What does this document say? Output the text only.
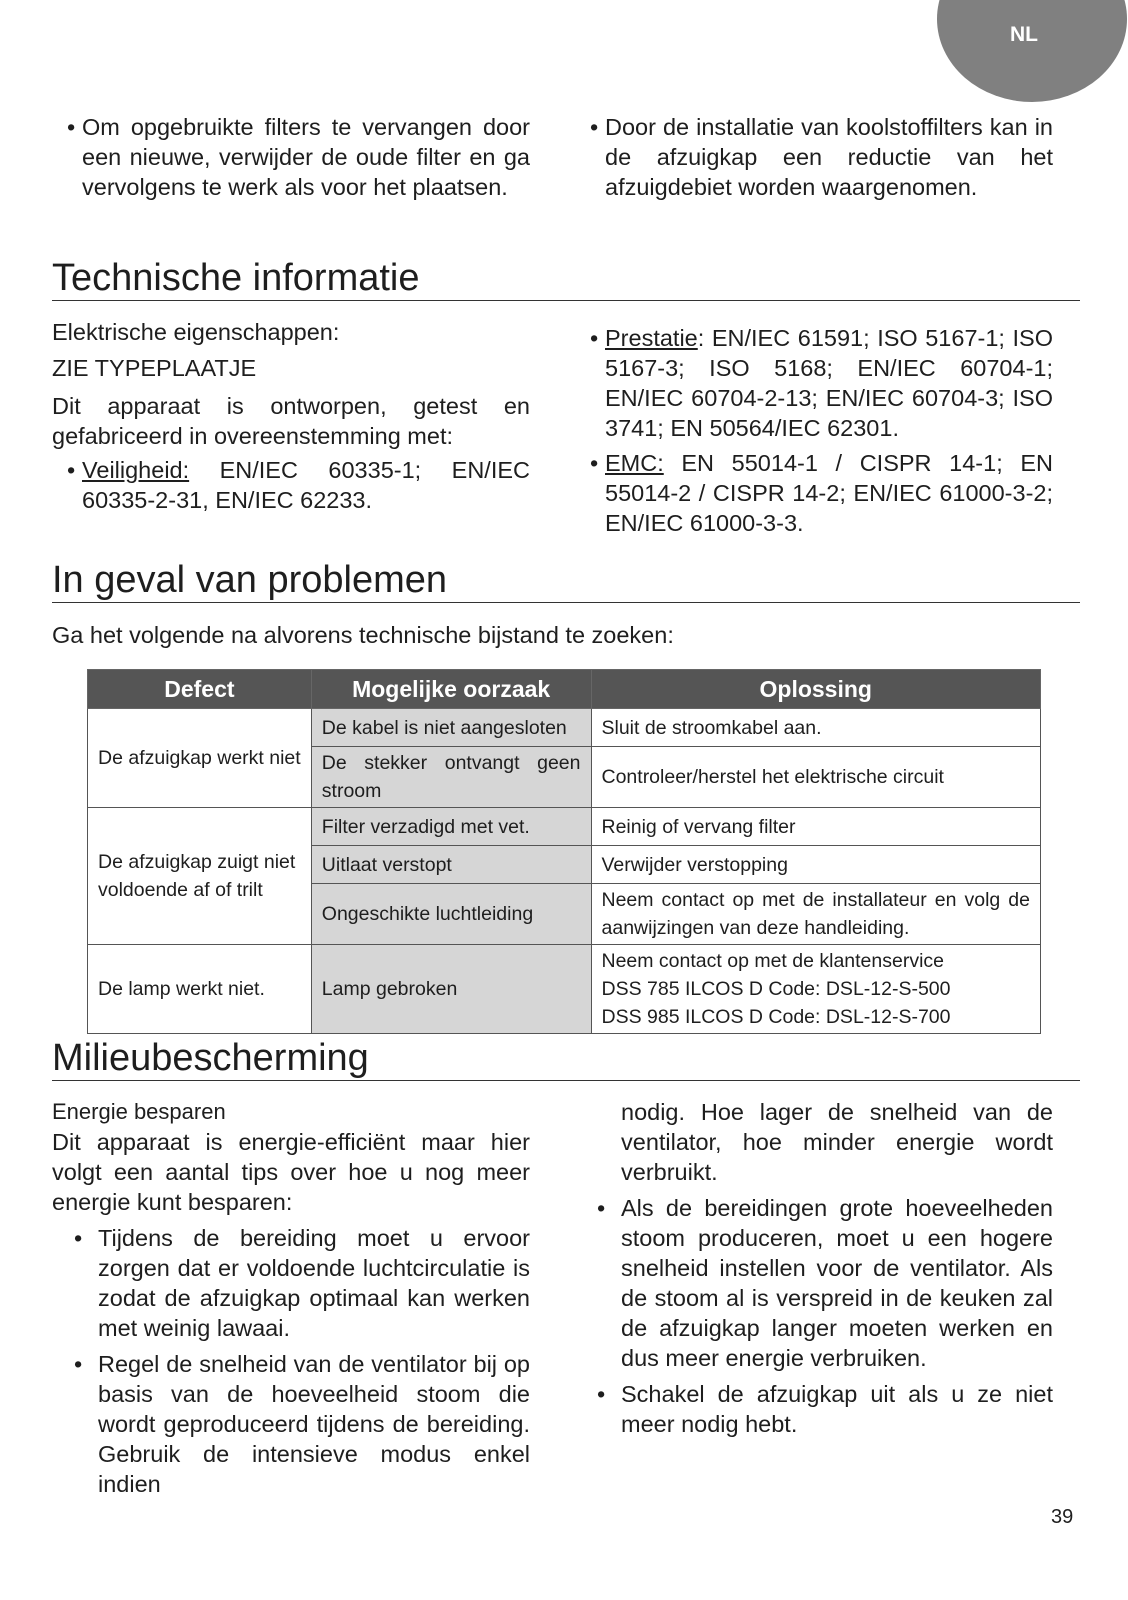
NL

• Om opgebruikte filters te vervangen door een nieuwe, verwijder de oude filter en ga vervolgens te werk als voor het plaatsen.

• Door de installatie van koolstoffilters kan in de afzuigkap een reductie van het afzuigdebiet worden waargenomen.

Technische informatie

Elektrische eigenschappen:

ZIE TYPEPLAATJE

Dit apparaat is ontworpen, getest en gefabriceerd in overeenstemming met:

• Veiligheid: EN/IEC 60335-1; EN/IEC 60335-2-31, EN/IEC 62233.

• Prestatie: EN/IEC 61591; ISO 5167-1; ISO 5167-3; ISO 5168; EN/IEC 60704-1; EN/IEC 60704-2-13; EN/IEC 60704-3; ISO 3741; EN 50564/IEC 62301.

• EMC: EN 55014-1 / CISPR 14-1; EN 55014-2 / CISPR 14-2; EN/IEC 61000-3-2; EN/IEC 61000-3-3.

In geval van problemen
Ga het volgende na alvorens technische bijstand te zoeken:
Defect	Mogelijke oorzaak	Oplossing
De afzuigkap werkt niet	De kabel is niet aangesloten	Sluit de stroomkabel aan.
	De stekker ontvangt geen stroom	Controleer/herstel het elektrische circuit
De afzuigkap zuigt niet voldoende af of trilt	Filter verzadigd met vet.	Reinig of vervang filter
	Uitlaat verstopt	Verwijder verstopping
	Ongeschikte luchtleiding	Neem contact op met de installateur en volg de aanwijzingen van deze handleiding.
De lamp werkt niet.	Lamp gebroken	Neem contact op met de klantenservice
DSS 785 ILCOS D Code: DSL-12-S-500
DSS 985 ILCOS D Code: DSL-12-S-700
Milieubescherming

Energie besparen

Dit apparaat is energie-efficiënt maar hier volgt een aantal tips over hoe u nog meer energie kunt besparen:

• Tijdens de bereiding moet u ervoor zorgen dat er voldoende luchtcirculatie is zodat de afzuigkap optimaal kan werken met weinig lawaai.

• Regel de snelheid van de ventilator bij op basis van de hoeveelheid stoom die wordt geproduceerd tijdens de bereiding. Gebruik de intensieve modus enkel indien

nodig. Hoe lager de snelheid van de ventilator, hoe minder energie wordt verbruikt.

• Als de bereidingen grote hoeveelheden stoom produceren, moet u een hogere snelheid instellen voor de ventilator. Als de stoom al is verspreid in de keuken zal de afzuigkap langer moeten werken en dus meer energie verbruiken.

• Schakel de afzuigkap uit als u ze niet meer nodig hebt.

39
